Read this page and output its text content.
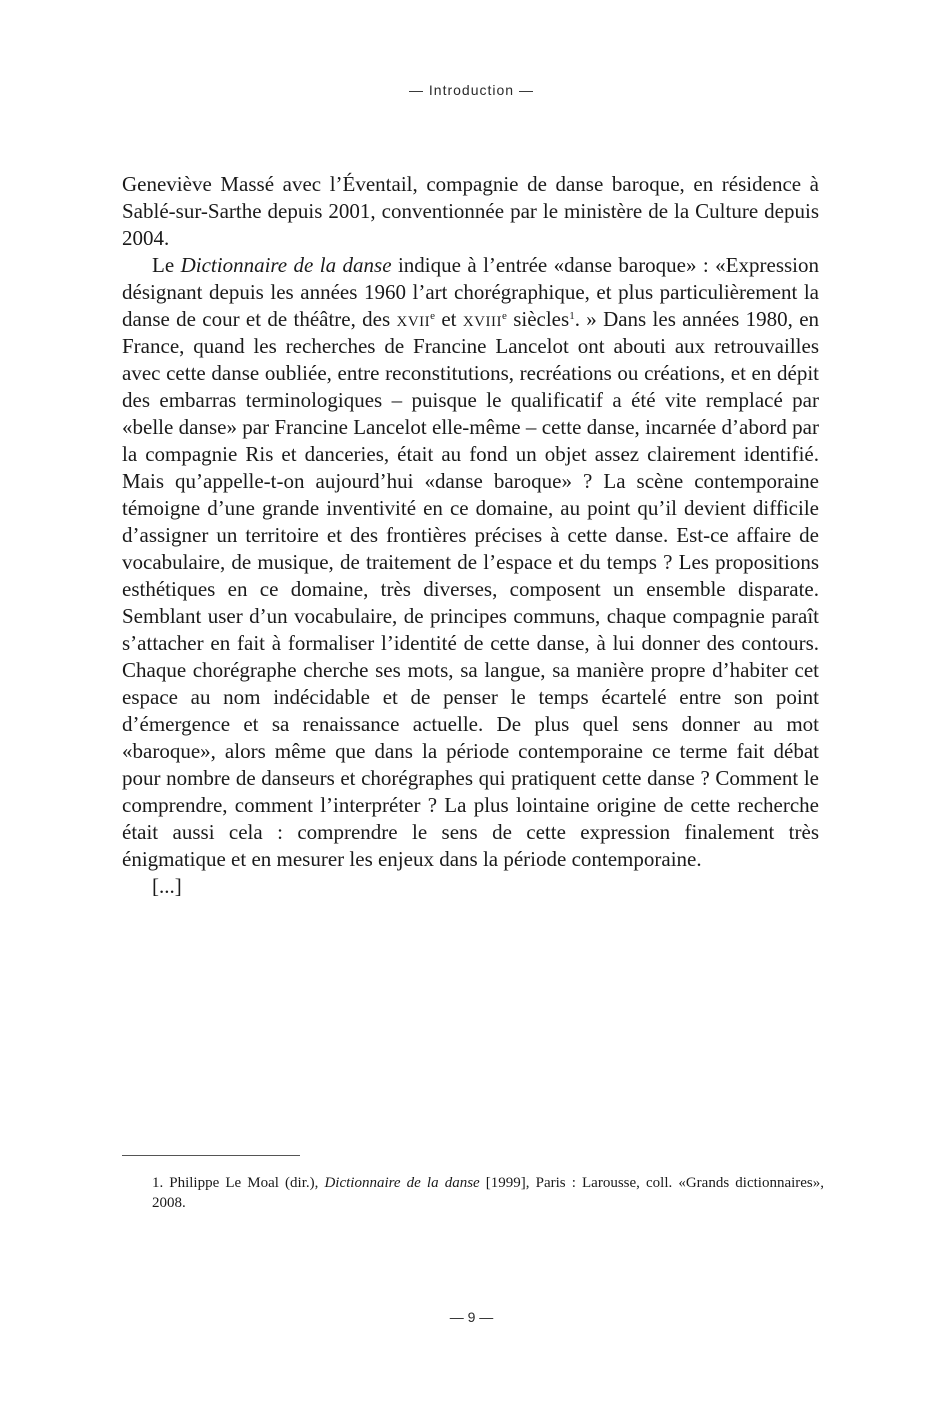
— Introduction —

Geneviève Massé avec l’Éventail, compagnie de danse baroque, en résidence à Sablé-sur-Sarthe depuis 2001, conventionnée par le ministère de la Culture depuis 2004.

Le Dictionnaire de la danse indique à l’entrée «danse baroque» : «Expression désignant depuis les années 1960 l’art chorégraphique, et plus particulièrement la danse de cour et de théâtre, des xvii$^e$ et xviii$^e$ siècles$^1$. » Dans les années 1980, en France, quand les recherches de Francine Lancelot ont abouti aux retrouvailles avec cette danse oubliée, entre reconstitutions, recréations ou créations, et en dépit des embarras terminologiques – puisque le qualificatif a été vite remplacé par «belle danse» par Francine Lancelot elle-même – cette danse, incarnée d’abord par la compagnie Ris et danceries, était au fond un objet assez clairement identifié. Mais qu’appelle-t-on aujourd’hui «danse baroque» ? La scène contemporaine témoigne d’une grande inventivité en ce domaine, au point qu’il devient difficile d’assigner un territoire et des frontières précises à cette danse. Est-ce affaire de vocabulaire, de musique, de traitement de l’espace et du temps ? Les propositions esthétiques en ce domaine, très diverses, composent un ensemble disparate. Semblant user d’un vocabulaire, de principes communs, chaque compagnie paraît s’attacher en fait à formaliser l’identité de cette danse, à lui donner des contours. Chaque chorégraphe cherche ses mots, sa langue, sa manière propre d’habiter cet espace au nom indécidable et de penser le temps écartelé entre son point d’émergence et sa renaissance actuelle. De plus quel sens donner au mot «baroque», alors même que dans la période contemporaine ce terme fait débat pour nombre de danseurs et chorégraphes qui pratiquent cette danse ? Comment le comprendre, comment l’interpréter ? La plus lointaine origine de cette recherche était aussi cela : comprendre le sens de cette expression finalement très énigmatique et en mesurer les enjeux dans la période contemporaine.

[...]

1. Philippe Le Moal (dir.), Dictionnaire de la danse [1999], Paris : Larousse, coll. «Grands dictionnaires», 2008.
— 9 —
